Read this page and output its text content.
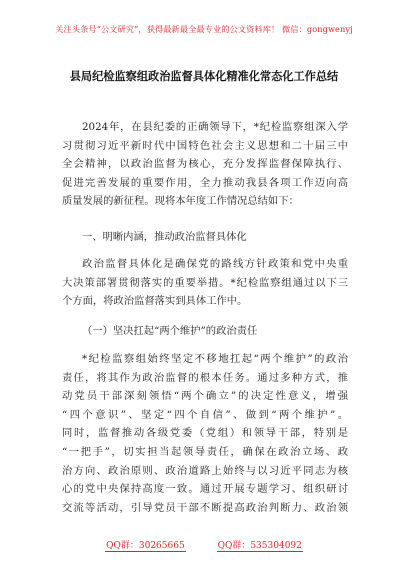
关注头条号“公文研究”，获得最新最全最专业的公文资料库！ 微信：gongwenyj
县局纪检监察组政治监督具体化精准化常态化工作总结
2024年，在县纪委的正确领导下，*纪检监察组深入学
习贯彻习近平新时代中国特色社会主义思想和二十届三中
全会精神，以政治监督为核心，充分发挥监督保障执行、
促进完善发展的重要作用，全力推动我县各项工作迈向高
质量发展的新征程。现将本年度工作情况总结如下：
一、明晰内涵，推动政治监督具体化
政治监督具体化是确保党的路线方针政策和党中央重
大决策部署贯彻落实的重要举措。*纪检监察组通过以下三
个方面，将政治监督落实到具体工作中。
（一）坚决扛起“两个维护”的政治责任
*纪检监察组始终坚定不移地扛起“两个维护”的政治
责任，将其作为政治监督的根本任务。通过多种方式，推
动党员干部深刻领悟“两个确立”的决定性意义，增强
“四个意识”、坚定“四个自信”、做到“两个维护”。
同时，监督推动各级党委（党组）和领导干部，特别是
“一把手”，切实担当起领导责任，确保在政治立场、政
治方向、政治原则、政治道路上始终与以习近平同志为核
心的党中央保持高度一致。通过开展专题学习、组织研讨
交流等活动，引导党员干部不断提高政治判断力、政治领
QQ群：30265665	QQ群：535304092
